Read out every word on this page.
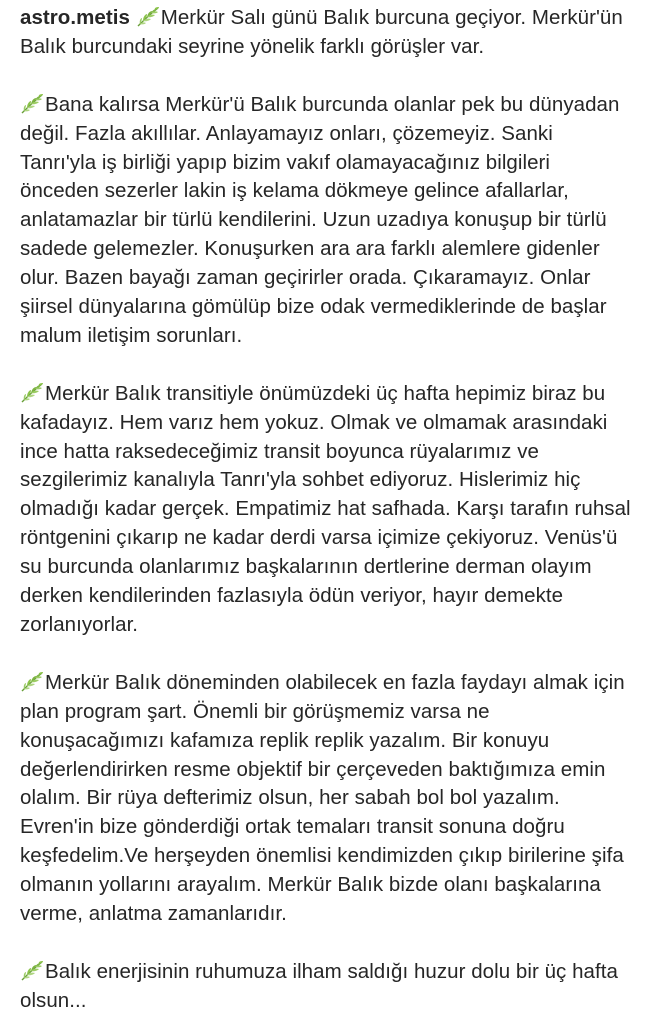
astro.metis Merkür Salı günü Balık burcuna geçiyor. Merkür'ün Balık burcundaki seyrine yönelik farklı görüşler var.

Bana kalırsa Merkür'ü Balık burcunda olanlar pek bu dünyadan değil. Fazla akıllılar. Anlayamayız onları, çözemeyiz. Sanki Tanrı'yla iş birliği yapıp bizim vakıf olamayacağınız bilgileri önceden sezerler lakin iş kelama dökmeye gelince afallarlar, anlatamazlar bir türlü kendilerini. Uzun uzadıya konuşup bir türlü sadede gelemezler. Konuşurken ara ara farklı alemlere gidenler olur. Bazen bayağı zaman geçirirler orada. Çıkaramayız. Onlar şiirsel dünyalarına gömülüp bize odak vermediklerinde de başlar malum iletişim sorunları.

Merkür Balık transitiyle önümüzdeki üç hafta hepimiz biraz bu kafadayız. Hem varız hem yokuz. Olmak ve olmamak arasındaki ince hatta raksedeceğimiz transit boyunca rüyalarımız ve sezgilerimiz kanalıyla Tanrı'yla sohbet ediyoruz. Hislerimiz hiç olmadığı kadar gerçek. Empatimiz hat safhada. Karşı tarafın ruhsal röntgenini çıkarıp ne kadar derdi varsa içimize çekiyoruz. Venüs'ü su burcunda olanlarımız başkalarının dertlerine derman olayım derken kendilerinden fazlasıyla ödün veriyor, hayır demekte zorlanıyorlar.

Merkür Balık döneminden olabilecek en fazla faydayı almak için plan program şart. Önemli bir görüşmemiz varsa ne konuşacağımızı kafamıza replik replik yazalım. Bir konuyu değerlendirirken resme objektif bir çerçeveden baktığımıza emin olalım. Bir rüya defterimiz olsun, her sabah bol bol yazalım. Evren'in bize gönderdiği ortak temaları transit sonuna doğru keşfedelim.Ve herşeyden önemlisi kendimizden çıkıp birilerine şifa olmanın yollarını arayalım. Merkür Balık bizde olanı başkalarına verme, anlatma zamanlarıdır.

Balık enerjisinin ruhumuza ilham saldığı huzur dolu bir üç hafta olsun...
